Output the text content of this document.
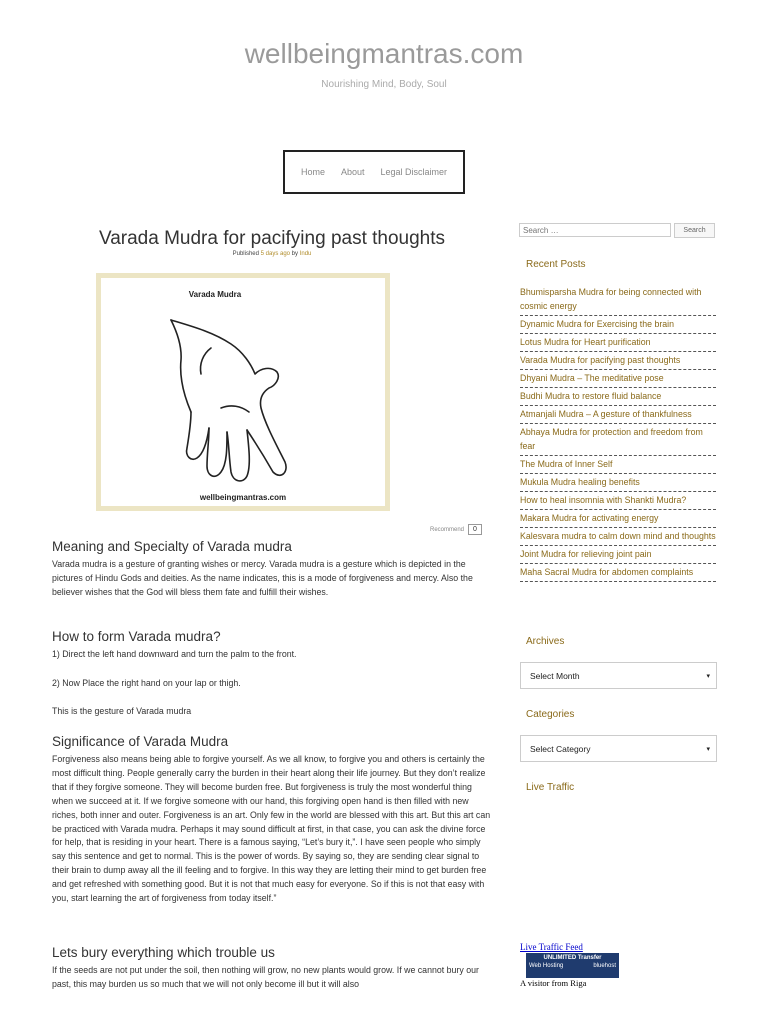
wellbeingmantras.com
Nourishing Mind, Body, Soul
Home About Legal Disclaimer
Varada Mudra for pacifying past thoughts
Published 5 days ago by Indu
Varada Mudra
wellbeingmantras.com
Recommend	0
Meaning and Specialty of Varada mudra

Varada mudra is a gesture of granting wishes or mercy. Varada mudra is a gesture which is depicted in the pictures of Hindu Gods and deities. As the name indicates, this is a mode of forgiveness and mercy. Also the believer wishes that the God will bless them fate and fulfill their wishes.

How to form Varada mudra?

1) Direct the left hand downward and turn the palm to the front.

2) Now Place the right hand on your lap or thigh.

This is the gesture of Varada mudra

Significance of Varada Mudra

Forgiveness also means being able to forgive yourself. As we all know, to forgive you and others is certainly the most difficult thing. People generally carry the burden in their heart along their life journey. But they don’t realize that if they forgive someone. They will become burden free. But forgiveness is truly the most wonderful thing when we succeed at it. If we forgive someone with our hand, this forgiving open hand is then filled with new riches, both inner and outer. Forgiveness is an art. Only few in the world are blessed with this art. But this art can be practiced with Varada mudra. Perhaps it may sound difficult at first, in that case, you can ask the divine force for help, that is residing in your heart. There is a famous saying, “Let’s bury it,”. I have seen people who simply say this sentence and get to normal. This is the power of words. By saying so, they are sending clear signal to their brain to dump away all the ill feeling and to forgive. In this way they are letting their mind to get burden free and get refreshed with something good. But it is not that much easy for everyone. So if this is not that easy with you, start learning the art of forgiveness from today itself.”

Lets bury everything which trouble us

If the seeds are not put under the soil, then nothing will grow, no new plants would grow. If we cannot bury our past, this may burden us so much that we will not only become ill but it will also

Search …
Search
Recent Posts
Bhumisparsha Mudra for being connected with cosmic energy
Dynamic Mudra for Exercising the brain
Lotus Mudra for Heart purification
Varada Mudra for pacifying past thoughts
Dhyani Mudra – The meditative pose
Budhi Mudra to restore fluid balance
Atmanjali Mudra – A gesture of thankfulness
Abhaya Mudra for protection and freedom from fear
The Mudra of Inner Self
Mukula Mudra healing benefits
How to heal insomnia with Shankti Mudra?
Makara Mudra for activating energy
Kalesvara mudra to calm down mind and thoughts
Joint Mudra for relieving joint pain
Maha Sacral Mudra for abdomen complaints
Archives
Select Month	▾
Categories
Select Category	▾
Live Traffic
Live Traffic Feed
UNLIMITED Transfer
Web Hosting	bluehost
A visitor from Riga
